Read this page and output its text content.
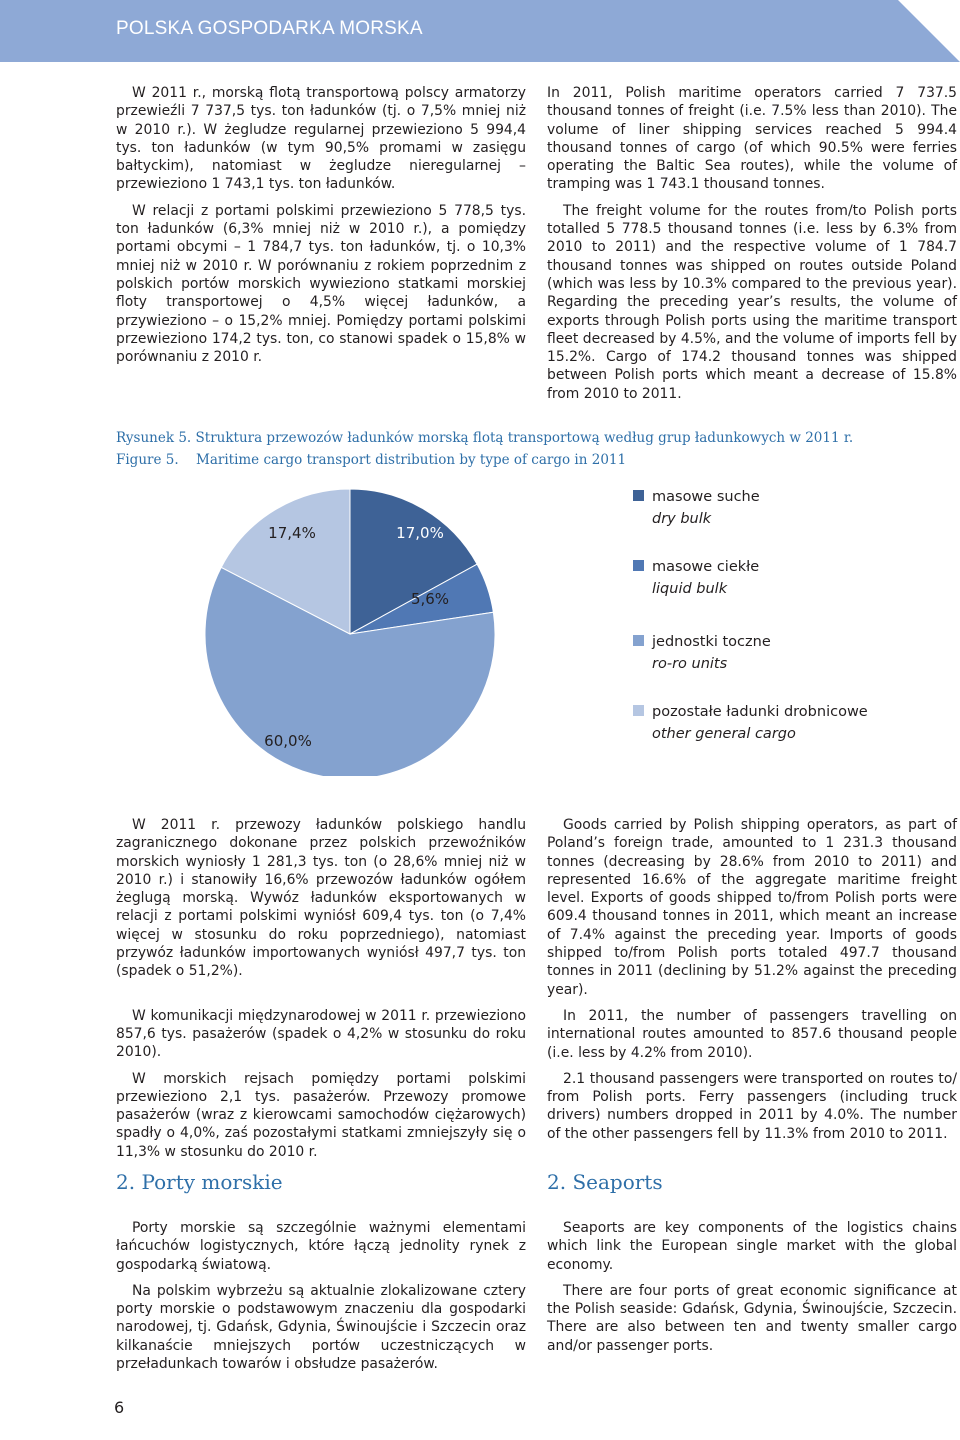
POLSKA GOSPODARKA MORSKA

W 2011 r., morską flotą transportową polscy armatorzy przewieźli 7 737,5 tys. ton ładunków (tj. o 7,5% mniej niż w 2010 r.). W żegludze regularnej przewieziono 5 994,4 tys. ton ładunków (w tym 90,5% promami w zasięgu bałtyckim), natomiast w żegludze nieregularnej – przewieziono 1 743,1 tys. ton ładunków.

W relacji z portami polskimi przewieziono 5 778,5 tys. ton ładunków (6,3% mniej niż w 2010 r.), a pomiędzy portami obcymi – 1 784,7 tys. ton ładunków, tj. o 10,3% mniej niż w 2010 r. W porównaniu z rokiem poprzednim z polskich portów morskich wywieziono statkami morskiej floty transportowej o 4,5% więcej ładunków, a przywieziono – o 15,2% mniej. Pomiędzy portami polskimi przewieziono 174,2 tys. ton, co stanowi spadek o 15,8% w porównaniu z 2010 r.

In 2011, Polish maritime operators carried 7 737.5 thousand tonnes of freight (i.e. 7.5% less than 2010). The volume of liner shipping services reached 5 994.4 thousand tonnes of cargo (of which 90.5% were ferries operating the Baltic Sea routes), while the volume of tramping was 1 743.1 thousand tonnes.

The freight volume for the routes from/to Polish ports totalled 5 778.5 thousand tonnes (i.e. less by 6.3% from 2010 to 2011) and the respective volume of 1 784.7 thousand tonnes was shipped on routes outside Poland (which was less by 10.3% compared to the previous year). Regarding the preceding year’s results, the volume of exports through Polish ports using the maritime transport fleet decreased by 4.5%, and the volume of imports fell by 15.2%. Cargo of 174.2 thousand tonnes was shipped between Polish ports which meant a decrease of 15.8% from 2010 to 2011.

Rysunek 5. Struktura przewozów ładunków morską flotą transportową według grup ładunkowych w 2011 r.
Figure 5. Maritime cargo transport distribution by type of cargo in 2011
17,0%
5,6%
60,0%
17,4%
masowe suche
dry bulk
masowe ciekłe
liquid bulk
jednostki toczne
ro-ro units
pozostałe ładunki drobnicowe
other general cargo

W 2011 r. przewozy ładunków polskiego handlu zagranicznego dokonane przez polskich przewoźników morskich wyniosły 1 281,3 tys. ton (o 28,6% mniej niż w 2010 r.) i stanowiły 16,6% przewozów ładunków ogółem żeglugą morską. Wywóz ładunków eksportowanych w relacji z portami polskimi wyniósł 609,4 tys. ton (o 7,4% więcej w stosunku do roku poprzedniego), natomiast przywóz ładunków importowanych wyniósł 497,7 tys. ton (spadek o 51,2%).

W komunikacji międzynarodowej w 2011 r. przewieziono 857,6 tys. pasażerów (spadek o 4,2% w stosunku do roku 2010).

W morskich rejsach pomiędzy portami polskimi przewieziono 2,1 tys. pasażerów. Przewozy promowe pasażerów (wraz z kierowcami samochodów ciężarowych) spadły o 4,0%, zaś pozostałymi statkami zmniejszyły się o 11,3% w stosunku do 2010 r.

Goods carried by Polish shipping operators, as part of Poland’s foreign trade, amounted to 1 231.3 thousand tonnes (decreasing by 28.6% from 2010 to 2011) and represented 16.6% of the aggregate maritime freight level. Exports of goods shipped to/from Polish ports were 609.4 thousand tonnes in 2011, which meant an increase of 7.4% against the preceding year. Imports of goods shipped to/from Polish ports totaled 497.7 thousand tonnes in 2011 (declining by 51.2% against the preceding year).

In 2011, the number of passengers travelling on international routes amounted to 857.6 thousand people (i.e. less by 4.2% from 2010).

2.1 thousand passengers were transported on routes to/ from Polish ports. Ferry passengers (including truck drivers) numbers dropped in 2011 by 4.0%. The number of the other passengers fell by 11.3% from 2010 to 2011.

2. Porty morskie	2. Seaports

Porty morskie są szczególnie ważnymi elementami łańcuchów logistycznych, które łączą jednolity rynek z gospodarką światową.

Na polskim wybrzeżu są aktualnie zlokalizowane cztery porty morskie o podstawowym znaczeniu dla gospodarki narodowej, tj. Gdańsk, Gdynia, Świnoujście i Szczecin oraz kilkanaście mniejszych portów uczestniczących w przeładunkach towarów i obsłudze pasażerów.

Seaports are key components of the logistics chains which link the European single market with the global economy.

There are four ports of great economic significance at the Polish seaside: Gdańsk, Gdynia, Świnoujście, Szczecin. There are also between ten and twenty smaller cargo and/or passenger ports.

6
